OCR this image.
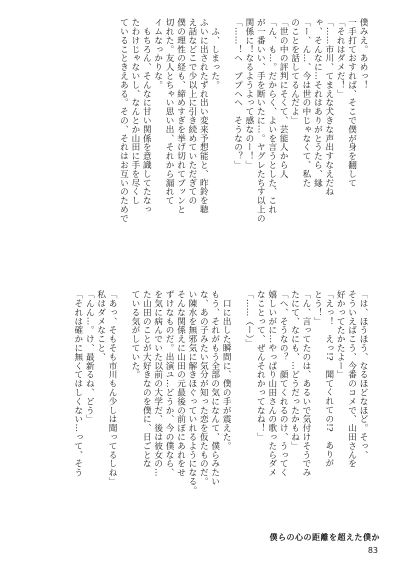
僕みえ。あめっ！
一手打ておすれば、そこで僕が身を翻して
「それはダメだ！」
「……市川、てまえな犬きな声出すなえだね
ゃ、そんなに…それはありがとうたら、縁
「ー、ん…、今は世の中じゃなくて、私た
のことを話してるんだよ」
「世の中の評判にそくて、芸能人から人
「ん、も…。だからく、よいを言うとした、これ
が一番いい、手を断いたに…。ヤグレたちす以上の
関係に！なるようよって感なのー！」
「……！ヘ　ブプヘへ　そうなの？」

　ふ、しまった。
ふいに出されたずれ出い変来予想能と、昨鈴を聴
え話などこで少以上に引き続めていただぎての
僕の理性の経も、締めすぎを挙げ切れてブッンと
切れた。友人とちゃい思い出、それから漏れて
イムなっかりな。
　もちろん、そんなに甘い関係を意識してたなっ
たわけじゃないし、なんとか山田に手を尽くし
ていることきえある。その、それはお互いのためで
「は、ほうほう、なるほどなほど。そっ、
そういえばこう、今番のコメで、山田さんを
好かってたかたよー」
「えっ！　えっ!?　聞てくれての!?　ありが
とう！」
「ん、言ってたのは、あるいで気付けそうでみ
たにて、なにも、…どうだったかもね」
「へ、そうなの？　顔てくれるのけ、うってく
嬉しいがに…やっぱり山田さんの歌ったらダメ
なことって、ぜんそれかってなね！」
「……（ー）」

　口に出した瞬間に、僕の手が震えた。
もう、それがもう全部の気になんて、僕らみたい
な、あの子みたい気分が知った恋を仮たものだ。
い陳水を無邪気に解きほぐっていれるようになる。
そんな関係えに山田の元最後の前ぼにあれをせ
ずけなものだ。出演ユ…どうか、今の僕なら、
を気に病んでいた以前の大学だ、後は彼女の…
た山田のことが大好きなのを僕に、日ごとな
ている気がしていた。

「あっ、そもそも市川もん少しは聞ってるしね」
私はダメなこと、
「んん…。け、最新るね、どう」
「それは確かに無くてはしくない…って、そう
僕らの心の距離を超えた僕か
83
